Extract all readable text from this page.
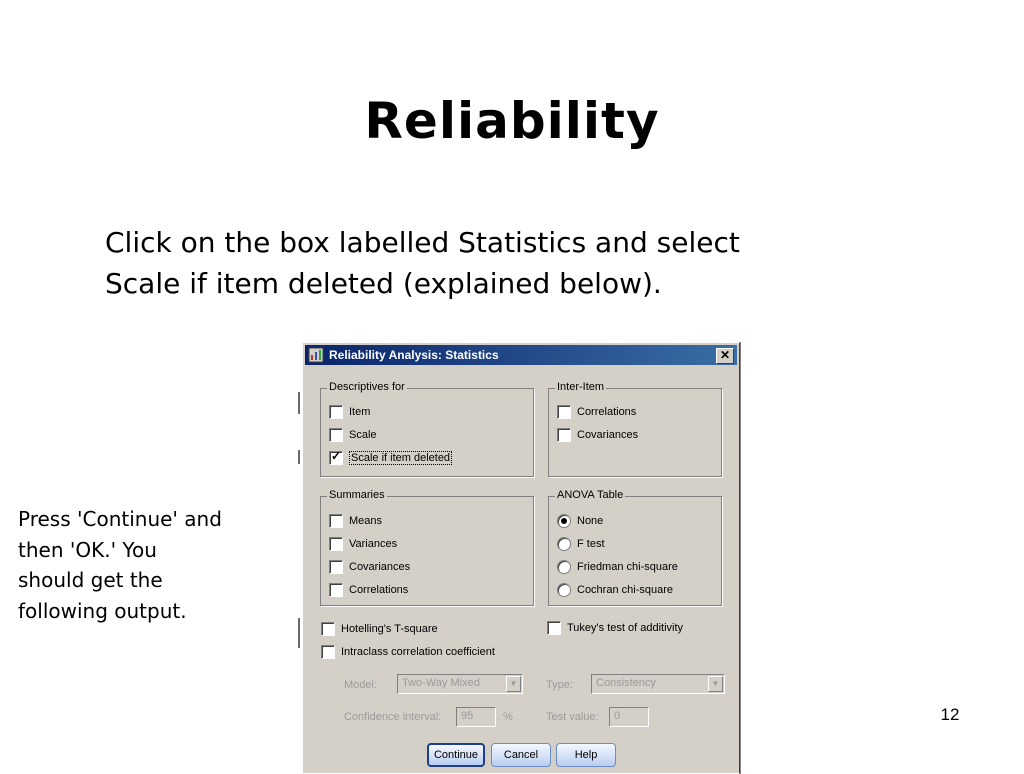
Reliability
Click on the box labelled Statistics and select
Scale if item deleted (explained below).
Press 'Continue' and
then 'OK.' You
should get the
following output.
12
Reliability Analysis: Statistics	✕
Descriptives for
Item
Scale
✓
Scale if item deleted
Inter-Item
Correlations
Covariances
Summaries
Means
Variances
Covariances
Correlations
ANOVA Table
None
F test
Friedman chi-square
Cochran chi-square
Hotelling's T-square	Tukey's test of additivity
Intraclass correlation coefficient
Model:	Two-Way Mixed	▼	Type:	Consistency	▼
Confidence interval:	95	%	Test value:	0
Continue	Cancel	Help
